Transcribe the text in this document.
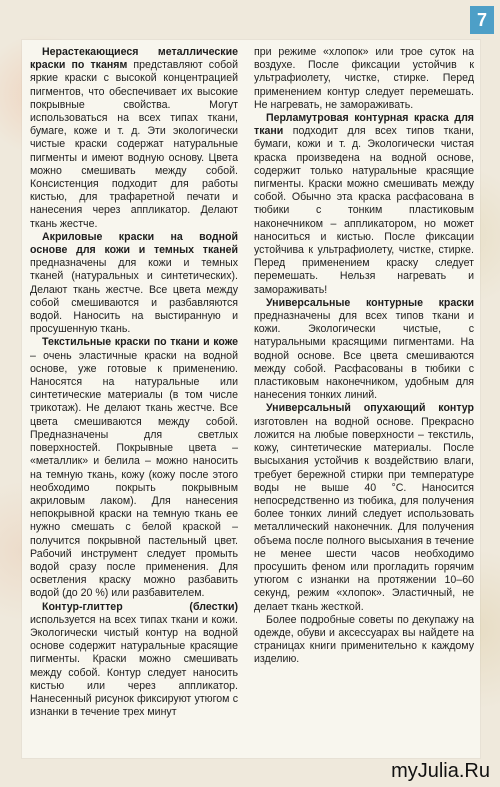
7

Нерастекающиеся металлические краски по тканям представляют собой яркие краски с высокой концентрацией пигментов, что обеспечивает их высокие покрывные свойства. Могут использоваться на всех типах ткани, бумаге, коже и т. д. Эти экологически чистые краски содержат натуральные пигменты и имеют водную основу. Цвета можно смешивать между собой. Консистенция подходит для работы кистью, для трафаретной печати и нанесения через аппликатор. Делают ткань жестче.

Акриловые краски на водной основе для кожи и темных тканей предназначены для кожи и темных тканей (натуральных и синтетических). Делают ткань жестче. Все цвета между собой смешиваются и разбавляются водой. Наносить на выстиранную и просушенную ткань.

Текстильные краски по ткани и коже – очень эластичные краски на водной основе, уже готовые к применению. Наносятся на натуральные или синтетические материалы (в том числе трикотаж). Не делают ткань жестче. Все цвета смешиваются между собой. Предназначены для светлых поверхностей. Покрывные цвета – «металлик» и белила – можно наносить на темную ткань, кожу (кожу после этого необходимо покрыть покрывным акриловым лаком). Для нанесения непокрывной краски на темную ткань ее нужно смешать с белой краской – получится покрывной пастельный цвет. Рабочий инструмент следует промыть водой сразу после применения. Для осветления краску можно разбавить водой (до 20 %) или разбавителем.

Контур-глиттер (блестки) используется на всех типах ткани и кожи. Экологически чистый контур на водной основе содержит натуральные красящие пигменты. Краски можно смешивать между собой. Контур следует наносить кистью или через аппликатор. Нанесенный рисунок фиксируют утюгом с изнанки в течение трех минут

при режиме «хлопок» или трое суток на воздухе. После фиксации устойчив к ультрафиолету, чистке, стирке. Перед применением контур следует перемешать. Не нагревать, не замораживать.

Перламутровая контурная краска для ткани подходит для всех типов ткани, бумаги, кожи и т. д. Экологически чистая краска произведена на водной основе, содержит только натуральные красящие пигменты. Краски можно смешивать между собой. Обычно эта краска расфасована в тюбики с тонким пластиковым наконечником – аппликатором, но может наноситься и кистью. После фиксации устойчива к ультрафиолету, чистке, стирке. Перед применением краску следует перемешать. Нельзя нагревать и замораживать!

Универсальные контурные краски предназначены для всех типов ткани и кожи. Экологически чистые, с натуральными красящими пигментами. На водной основе. Все цвета смешиваются между собой. Расфасованы в тюбики с пластиковым наконечником, удобным для нанесения тонких линий.

Универсальный опухающий контур изготовлен на водной основе. Прекрасно ложится на любые поверхности – текстиль, кожу, синтетические материалы. После высыхания устойчив к воздействию влаги, требует бережной стирки при температуре воды не выше 40 °С. Наносится непосредственно из тюбика, для получения более тонких линий следует использовать металлический наконечник. Для получения объема после полного высыхания в течение не менее шести часов необходимо просушить феном или прогладить горячим утюгом с изнанки на протяжении 10–60 секунд, режим «хлопок». Эластичный, не делает ткань жесткой.

Более подробные советы по декупажу на одежде, обуви и аксессуарах вы найдете на страницах книги применительно к каждому изделию.

myJulia.Ru
